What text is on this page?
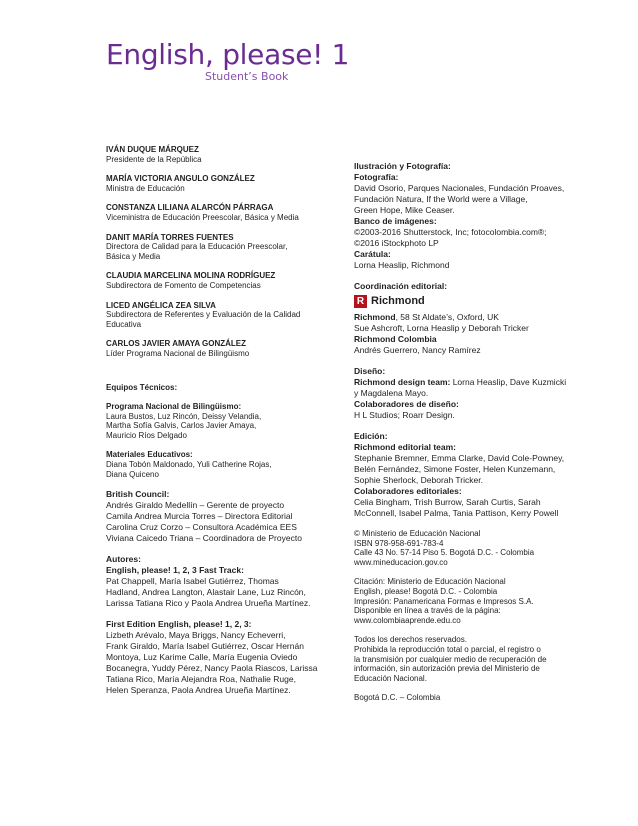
English, please! 1
Student’s Book
IVÁN DUQUE MÁRQUEZ
Presidente de la República
MARÍA VICTORIA ANGULO GONZÁLEZ
Ministra de Educación
CONSTANZA LILIANA ALARCÓN PÁRRAGA
Viceministra de Educación Preescolar, Básica y Media
DANIT MARÍA TORRES FUENTES
Directora de Calidad para la Educación Preescolar,
Básica y Media
CLAUDIA MARCELINA MOLINA RODRÍGUEZ
Subdirectora de Fomento de Competencias
LICED ANGÉLICA ZEA SILVA
Subdirectora de Referentes y Evaluación de la Calidad
Educativa
CARLOS JAVIER AMAYA GONZÁLEZ
Líder Programa Nacional de Bilingüismo
Equipos Técnicos:
Programa Nacional de Bilingüismo:
Laura Bustos, Luz Rincón, Deissy Velandia,
Martha Sofía Galvis, Carlos Javier Amaya,
Mauricio Ríos Delgado
Materiales Educativos:
Diana Tobón Maldonado, Yuli Catherine Rojas,
Diana Quiceno
British Council:
Andrés Giraldo Medellín – Gerente de proyecto
Camila Andrea Murcia Torres – Directora Editorial
Carolina Cruz Corzo – Consultora Académica EES
Viviana Caicedo Triana – Coordinadora de Proyecto
Autores:
English, please! 1, 2, 3 Fast Track:
Pat Chappell, María Isabel Gutiérrez, Thomas
Hadland, Andrea Langton, Alastair Lane, Luz Rincón,
Larissa Tatiana Rico y Paola Andrea Urueña Martínez.
First Edition English, please! 1, 2, 3:
Lizbeth Arévalo, Maya Briggs, Nancy Echeverri,
Frank Giraldo, María Isabel Gutiérrez, Oscar Hernán
Montoya, Luz Karime Calle, María Eugenia Oviedo
Bocanegra, Yuddy Pérez, Nancy Paola Riascos, Larissa
Tatiana Rico, María Alejandra Roa, Nathalie Ruge,
Helen Speranza, Paola Andrea Urueña Martínez.
Ilustración y Fotografía:
Fotografía:
David Osorio, Parques Nacionales, Fundación Proaves,
Fundación Natura, If the World were a Village,
Green Hope, Mike Ceaser.
Banco de imágenes:
©2003-2016 Shutterstock, Inc; fotocolombia.com®;
©2016 iStockphoto LP
Carátula:
Lorna Heaslip, Richmond
Coordinación editorial:
R Richmond
Richmond, 58 St Aldate’s, Oxford, UK
Sue Ashcroft, Lorna Heaslip y Deborah Tricker
Richmond Colombia
Andrés Guerrero, Nancy Ramírez
Diseño:
Richmond design team: Lorna Heaslip, Dave Kuzmicki
y Magdalena Mayo.
Colaboradores de diseño:
H L Studios; Roarr Design.
Edición:
Richmond editorial team:
Stephanie Bremner, Emma Clarke, David Cole-Powney,
Belén Fernández, Simone Foster, Helen Kunzemann,
Sophie Sherlock, Deborah Tricker.
Colaboradores editoriales:
Celia Bingham, Trish Burrow, Sarah Curtis, Sarah
McConnell, Isabel Palma, Tania Pattison, Kerry Powell
© Ministerio de Educación Nacional
ISBN 978-958-691-783-4
Calle 43 No. 57-14 Piso 5. Bogotá D.C. - Colombia
www.mineducacion.gov.co
Citación: Ministerio de Educación Nacional
English, please! Bogotá D.C. - Colombia
Impresión: Panamericana Formas e Impresos S.A.
Disponible en línea a través de la página:
www.colombiaaprende.edu.co
Todos los derechos reservados.
Prohibida la reproducción total o parcial, el registro o
la transmisión por cualquier medio de recuperación de
información, sin autorización previa del Ministerio de
Educación Nacional.
Bogotá D.C. – Colombia
